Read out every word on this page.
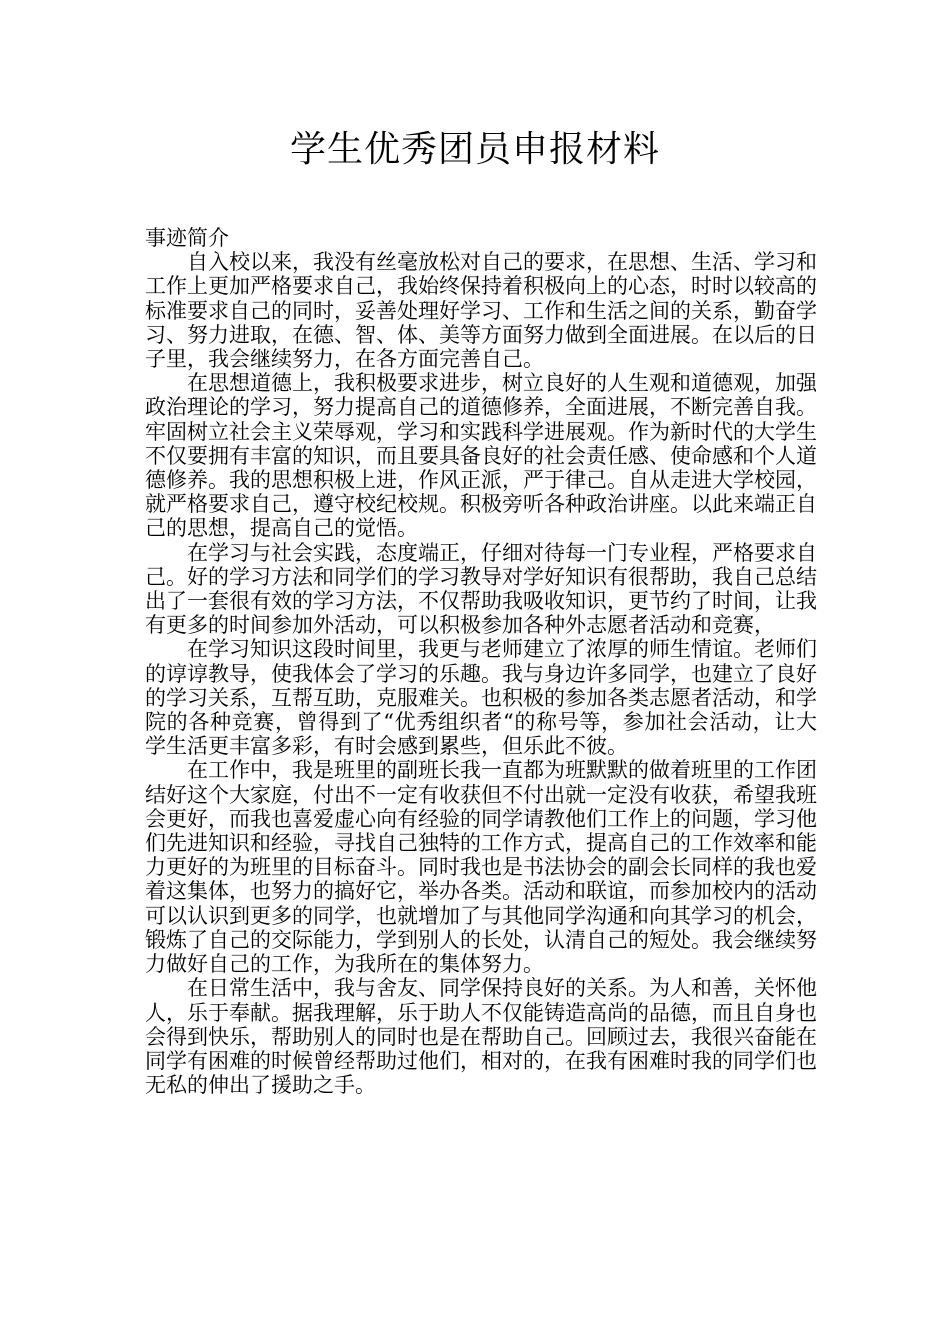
学生优秀团员申报材料

事迹简介

自入校以来，我没有丝毫放松对自己的要求，在思想、生活、学习和工作上更加严格要求自己，我始终保持着积极向上的心态，时时以较高的标准要求自己的同时，妥善处理好学习、工作和生活之间的关系，勤奋学习、努力进取，在德、智、体、美等方面努力做到全面进展。在以后的日子里，我会继续努力，在各方面完善自己。

在思想道德上，我积极要求进步，树立良好的人生观和道德观，加强政治理论的学习，努力提高自己的道德修养，全面进展，不断完善自我。牢固树立社会主义荣辱观，学习和实践科学进展观。作为新时代的大学生不仅要拥有丰富的知识，而且要具备良好的社会责任感、使命感和个人道德修养。我的思想积极上进，作风正派，严于律己。自从走进大学校园，就严格要求自己，遵守校纪校规。积极旁听各种政治讲座。以此来端正自己的思想，提高自己的觉悟。

在学习与社会实践，态度端正，仔细对待每一门专业程，严格要求自己。好的学习方法和同学们的学习教导对学好知识有很帮助，我自己总结出了一套很有效的学习方法，不仅帮助我吸收知识，更节约了时间，让我有更多的时间参加外活动，可以积极参加各种外志愿者活动和竞赛，

在学习知识这段时间里，我更与老师建立了浓厚的师生情谊。老师们的谆谆教导，使我体会了学习的乐趣。我与身边许多同学，也建立了良好的学习关系，互帮互助，克服难关。也积极的参加各类志愿者活动，和学院的各种竞赛，曾得到了“优秀组织者“的称号等，参加社会活动，让大学生活更丰富多彩，有时会感到累些，但乐此不彼。

在工作中，我是班里的副班长我一直都为班默默的做着班里的工作团结好这个大家庭，付出不一定有收获但不付出就一定没有收获，希望我班会更好，而我也喜爱虚心向有经验的同学请教他们工作上的问题，学习他们先进知识和经验，寻找自己独特的工作方式，提高自己的工作效率和能力更好的为班里的目标奋斗。同时我也是书法协会的副会长同样的我也爱着这集体，也努力的搞好它，举办各类。活动和联谊，而参加校内的活动可以认识到更多的同学，也就增加了与其他同学沟通和向其学习的机会，锻炼了自己的交际能力，学到别人的长处，认清自己的短处。我会继续努力做好自己的工作，为我所在的集体努力。

在日常生活中，我与舍友、同学保持良好的关系。为人和善，关怀他人，乐于奉献。据我理解，乐于助人不仅能铸造高尚的品德，而且自身也会得到快乐，帮助别人的同时也是在帮助自己。回顾过去，我很兴奋能在同学有困难的时候曾经帮助过他们，相对的，在我有困难时我的同学们也无私的伸出了援助之手。
